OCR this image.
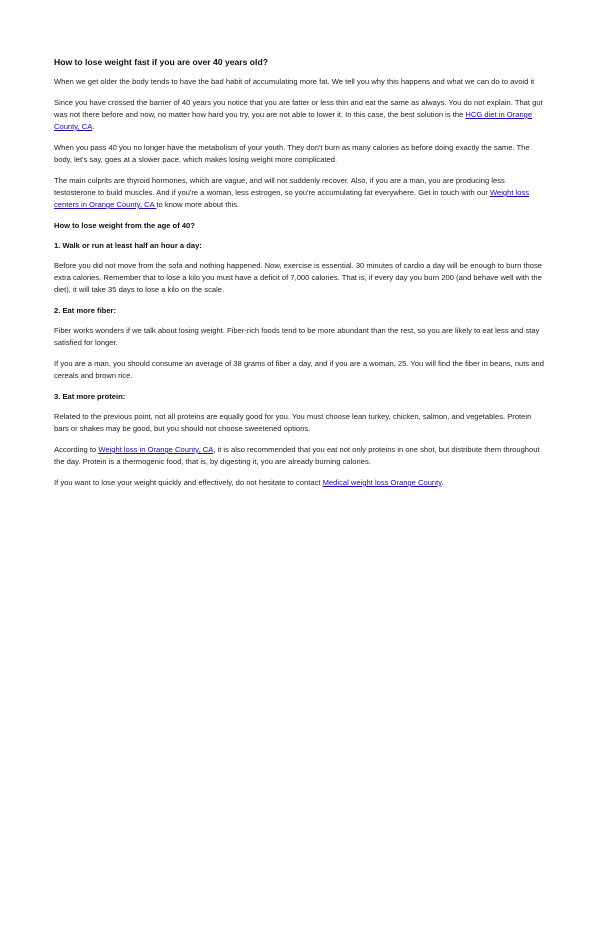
How to lose weight fast if you are over 40 years old?

When we get older the body tends to have the bad habit of accumulating more fat. We tell you why this happens and what we can do to avoid it

Since you have crossed the barrier of 40 years you notice that you are fatter or less thin and eat the same as always. You do not explain. That gut was not there before and now, no matter how hard you try, you are not able to lower it. In this case, the best solution is the HCG diet in Orange County, CA.

When you pass 40 you no longer have the metabolism of your youth. They don't burn as many calories as before doing exactly the same. The body, let's say, goes at a slower pace, which makes losing weight more complicated.

The main culprits are thyroid hormones, which are vague, and will not suddenly recover. Also, if you are a man, you are producing less testosterone to build muscles. And if you're a woman, less estrogen, so you're accumulating fat everywhere. Get in touch with our Weight loss centers in Orange County, CA to know more about this.

How to lose weight from the age of 40?
1. Walk or run at least half an hour a day:

Before you did not move from the sofa and nothing happened. Now, exercise is essential. 30 minutes of cardio a day will be enough to burn those extra calories. Remember that to lose a kilo you must have a deficit of 7,000 calories. That is, if every day you burn 200 (and behave well with the diet), it will take 35 days to lose a kilo on the scale.

2. Eat more fiber:

Fiber works wonders if we talk about losing weight. Fiber-rich foods tend to be more abundant than the rest, so you are likely to eat less and stay satisfied for longer.

If you are a man, you should consume an average of 38 grams of fiber a day, and if you are a woman, 25. You will find the fiber in beans, nuts and cereals and brown rice.

3. Eat more protein:

Related to the previous point, not all proteins are equally good for you. You must choose lean turkey, chicken, salmon, and vegetables. Protein bars or shakes may be good, but you should not choose sweetened options.

According to Weight loss in Orange County, CA, it is also recommended that you eat not only proteins in one shot, but distribute them throughout the day. Protein is a thermogenic food, that is, by digesting it, you are already burning calories.

If you want to lose your weight quickly and effectively, do not hesitate to contact Medical weight loss Orange County.
